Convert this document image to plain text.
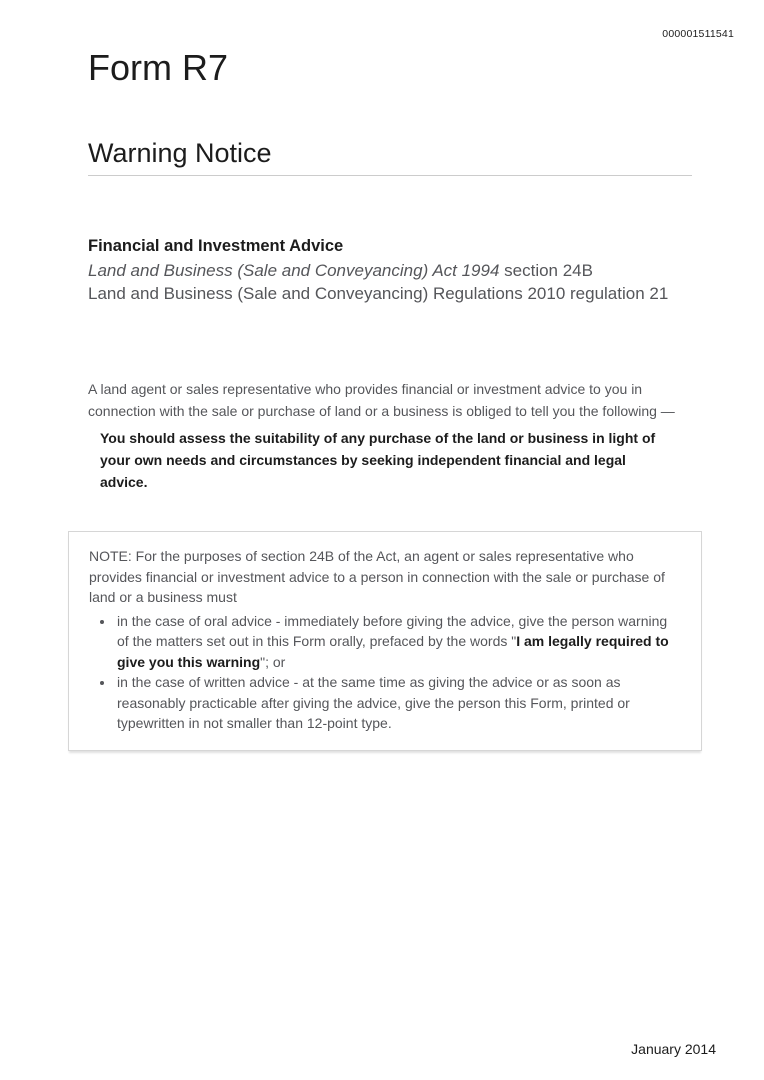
000001511541
Form R7
Warning Notice
Financial and Investment Advice
Land and Business (Sale and Conveyancing) Act 1994 section 24B
Land and Business (Sale and Conveyancing) Regulations 2010 regulation 21

A land agent or sales representative who provides financial or investment advice to you in connection with the sale or purchase of land or a business is obliged to tell you the following —

You should assess the suitability of any purchase of the land or business in light of your own needs and circumstances by seeking independent financial and legal advice.

NOTE: For the purposes of section 24B of the Act, an agent or sales representative who provides financial or investment advice to a person in connection with the sale or purchase of land or a business must

• in the case of oral advice - immediately before giving the advice, give the person warning of the matters set out in this Form orally, prefaced by the words "I am legally required to give you this warning"; or
• in the case of written advice - at the same time as giving the advice or as soon as reasonably practicable after giving the advice, give the person this Form, printed or typewritten in not smaller than 12-point type.
January 2014
